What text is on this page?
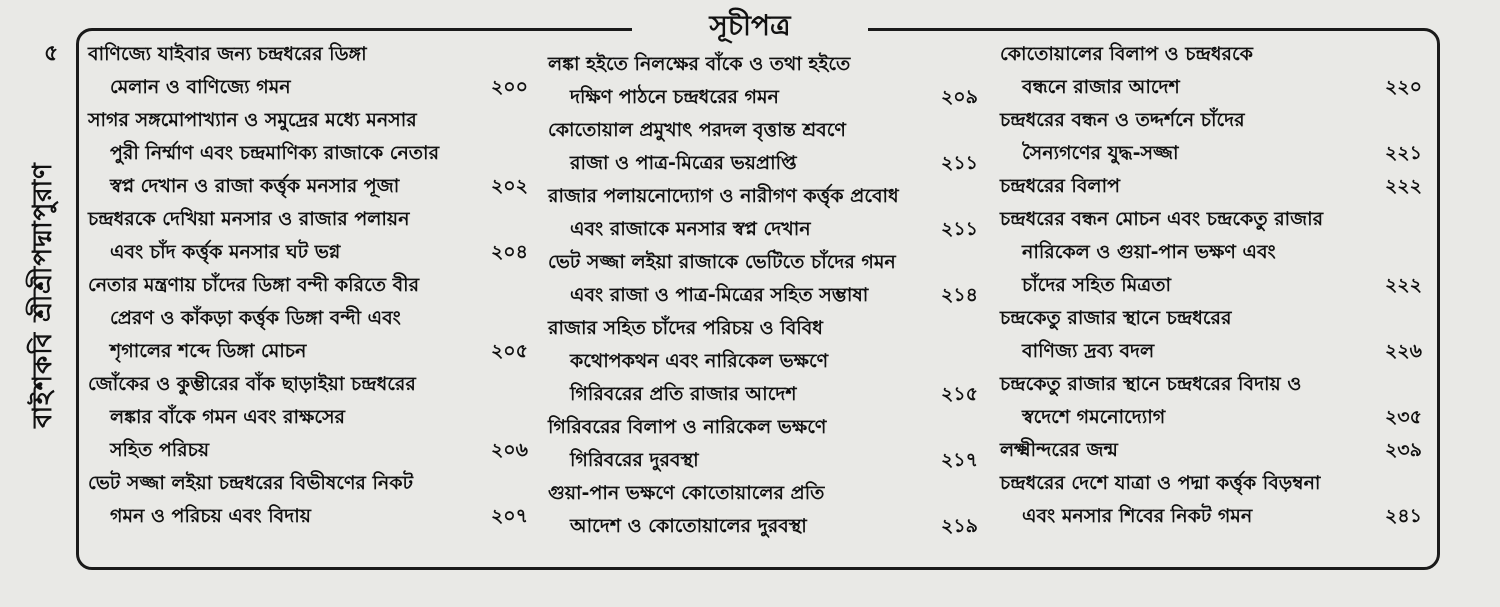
৫
বাইশকবি শ্রীশ্রীপদ্মাপুরাণ
সূচীপত্র
বাণিজ্যে যাইবার জন্য চন্দ্রধরের ডিঙ্গা
মেলান ও বাণিজ্যে গমন	২০০
সাগর সঙ্গমোপাখ্যান ও সমুদ্রের মধ্যে মনসার
পুরী নির্ম্মাণ এবং চন্দ্রমাণিক্য রাজাকে নেতার
স্বপ্ন দেখান ও রাজা কর্ত্তৃক মনসার পূজা	২০২
চন্দ্রধরকে দেখিয়া মনসার ও রাজার পলায়ন
এবং চাঁদ কর্ত্তৃক মনসার ঘট ভগ্ন	২০৪
নেতার মন্ত্রণায় চাঁদের ডিঙ্গা বন্দী করিতে বীর
প্রেরণ ও কাঁকড়া কর্ত্তৃক ডিঙ্গা বন্দী এবং
শৃগালের শব্দে ডিঙ্গা মোচন	২০৫
জোঁকের ও কুম্ভীরের বাঁক ছাড়াইয়া চন্দ্রধরের
লঙ্কার বাঁকে গমন এবং রাক্ষসের
সহিত পরিচয়	২০৬
ভেট সজ্জা লইয়া চন্দ্রধরের বিভীষণের নিকট
গমন ও পরিচয় এবং বিদায়	২০৭
লঙ্কা হইতে নিলক্ষের বাঁকে ও তথা হইতে
দক্ষিণ পাঠনে চন্দ্রধরের গমন	২০৯
কোতোয়াল প্রমুখাৎ পরদল বৃত্তান্ত শ্রবণে
রাজা ও পাত্র-মিত্রের ভয়প্রাপ্তি	২১১
রাজার পলায়নোদ্যোগ ও নারীগণ কর্ত্তৃক প্রবোধ
এবং রাজাকে মনসার স্বপ্ন দেখান	২১১
ভেট সজ্জা লইয়া রাজাকে ভেটিতে চাঁদের গমন
এবং রাজা ও পাত্র-মিত্রের সহিত সম্ভাষা	২১৪
রাজার সহিত চাঁদের পরিচয় ও বিবিধ
কথোপকথন এবং নারিকেল ভক্ষণে
গিরিবরের প্রতি রাজার আদেশ	২১৫
গিরিবরের বিলাপ ও নারিকেল ভক্ষণে
গিরিবরের দুরবস্থা	২১৭
গুয়া-পান ভক্ষণে কোতোয়ালের প্রতি
আদেশ ও কোতোয়ালের দুরবস্থা	২১৯
কোতোয়ালের বিলাপ ও চন্দ্রধরকে
বন্ধনে রাজার আদেশ	২২০
চন্দ্রধরের বন্ধন ও তদ্দর্শনে চাঁদের
সৈন্যগণের যুদ্ধ-সজ্জা	২২১
চন্দ্রধরের বিলাপ	২২২
চন্দ্রধরের বন্ধন মোচন এবং চন্দ্রকেতু রাজার
নারিকেল ও গুয়া-পান ভক্ষণ এবং
চাঁদের সহিত মিত্রতা	২২২
চন্দ্রকেতু রাজার স্থানে চন্দ্রধরের
বাণিজ্য দ্রব্য বদল	২২৬
চন্দ্রকেতু রাজার স্থানে চন্দ্রধরের বিদায় ও
স্বদেশে গমনোদ্যোগ	২৩৫
লক্ষ্মীন্দরের জন্ম	২৩৯
চন্দ্রধরের দেশে যাত্রা ও পদ্মা কর্ত্তৃক বিড়ম্বনা
এবং মনসার শিবের নিকট গমন	২৪১
